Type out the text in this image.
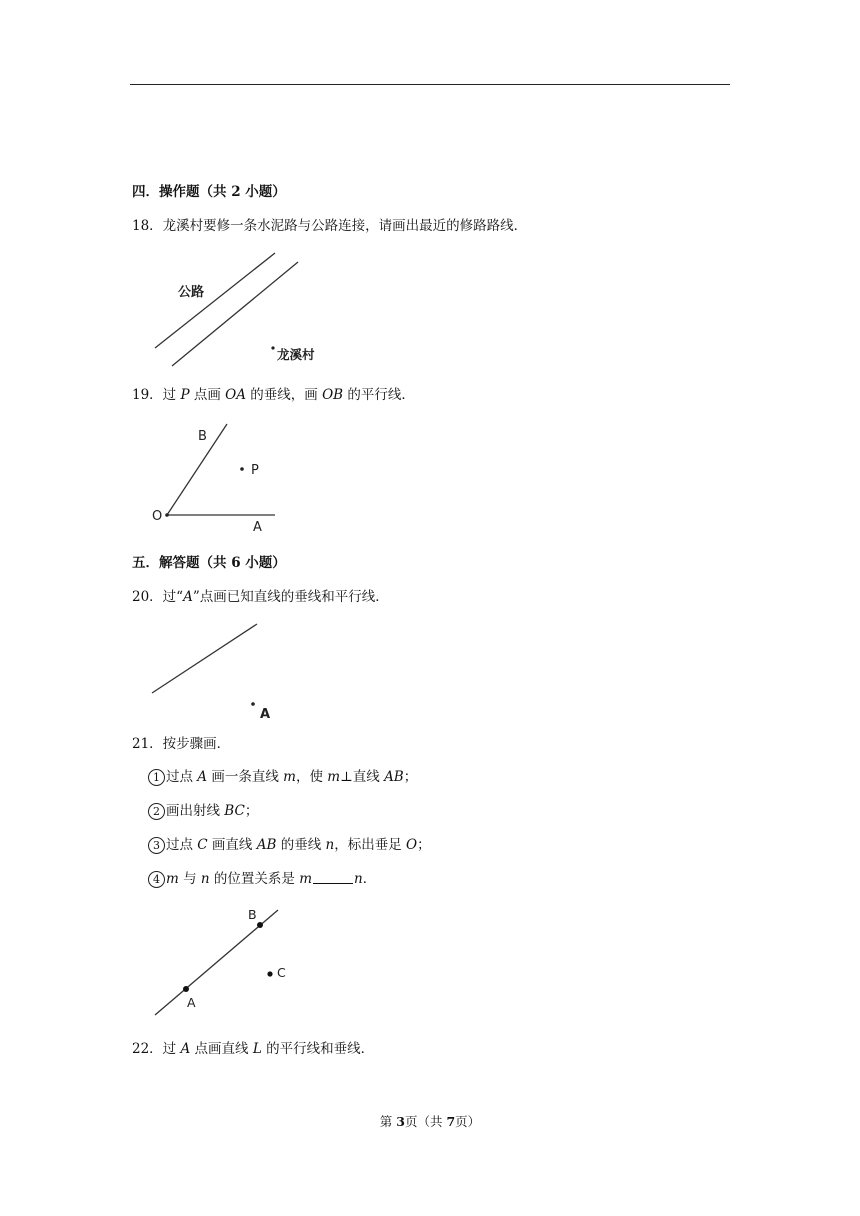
四．操作题（共 2 小题）
18．龙溪村要修一条水泥路与公路连接，请画出最近的修路路线．
公路
龙溪村
19．过 P 点画 OA 的垂线，画 OB 的平行线．
B
P
O
A
五．解答题（共 6 小题）
20．过“A”点画已知直线的垂线和平行线．
A
21．按步骤画．
1 过点 A 画一条直线 m，使 m⊥直线 AB；
2 画出射线 BC；
3 过点 C 画直线 AB 的垂线 n，标出垂足 O；
4 m 与 n 的位置关系是 m	n．
B
C
A
22．过 A 点画直线 L 的平行线和垂线．
第 3页（共 7页）
